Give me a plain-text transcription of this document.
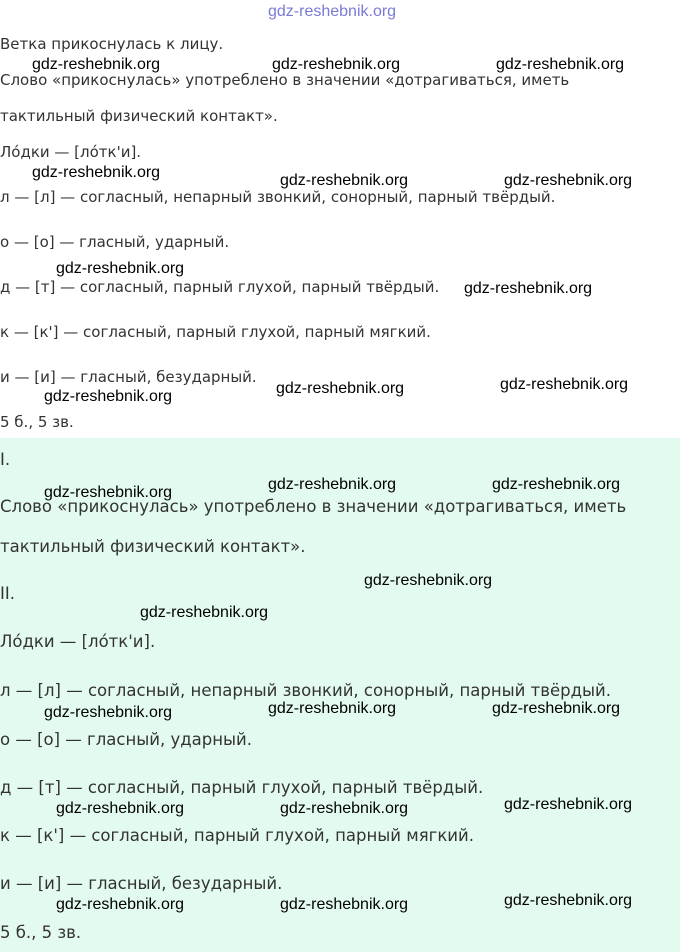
Ветка прикоснулась к лицу.
Слово «прикоснулась» употреблено в значении «дотрагиваться, иметь
тактильный физический контакт».
Ло́дки — [ло́тк'и].
л — [л] — согласный, непарный звонкий, сонорный, парный твёрдый.
о — [о] — гласный, ударный.
д — [т] — согласный, парный глухой, парный твёрдый.
к — [к'] — согласный, парный глухой, парный мягкий.
и — [и] — гласный, безударный.
5 б., 5 зв.
I.
Слово «прикоснулась» употреблено в значении «дотрагиваться, иметь
тактильный физический контакт».
II.
Ло́дки — [ло́тк'и].
л — [л] — согласный, непарный звонкий, сонорный, парный твёрдый.
о — [о] — гласный, ударный.
д — [т] — согласный, парный глухой, парный твёрдый.
к — [к'] — согласный, парный глухой, парный мягкий.
и — [и] — гласный, безударный.
5 б., 5 зв.
gdz-reshebnik.org
gdz-reshebnik.org	gdz-reshebnik.org	gdz-reshebnik.org
gdz-reshebnik.org	gdz-reshebnik.org	gdz-reshebnik.org
gdz-reshebnik.org
gdz-reshebnik.org
gdz-reshebnik.org	gdz-reshebnik.org
gdz-reshebnik.org
gdz-reshebnik.org	gdz-reshebnik.org
gdz-reshebnik.org
gdz-reshebnik.org
gdz-reshebnik.org
gdz-reshebnik.org	gdz-reshebnik.org
gdz-reshebnik.org
gdz-reshebnik.org
gdz-reshebnik.org	gdz-reshebnik.org
gdz-reshebnik.org
gdz-reshebnik.org	gdz-reshebnik.org
